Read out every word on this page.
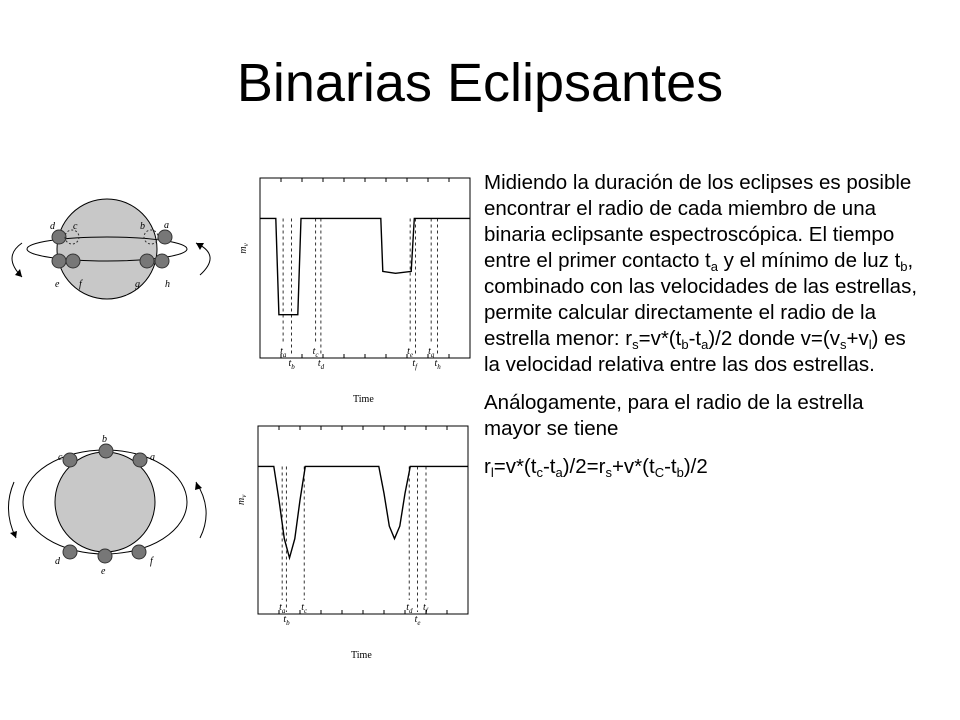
Binarias Eclipsantes
d c	b a
e f	g	h
c
b
a
d
e
f
$t_a$
$t_b$
$t_c$
$t_d$
$t_e$
$t_f$
$t_g$
$t_h$
$m_v$
Time
$t_a$
$t_b$
$t_c$	$t_d$
$t_e$
$t_f$
$m_v$
Time

Midiendo la duración de los eclipses es posible encontrar el radio de cada miembro de una binaria eclipsante espectroscópica. El tiempo entre el primer contacto $t_a$ y el mínimo de luz $t_b$, combinado con las velocidades de las estrellas, permite calcular directamente el radio de la estrella menor: $r_s=v*(t_b-t_a)/2$ donde $v=(v_s+v_l)$ es la velocidad relativa entre las dos estrellas.

Análogamente, para el radio de la estrella mayor se tiene

$r_l=v*(t_c-t_a)/2=r_s+v*(t_C-t_b)/2$
